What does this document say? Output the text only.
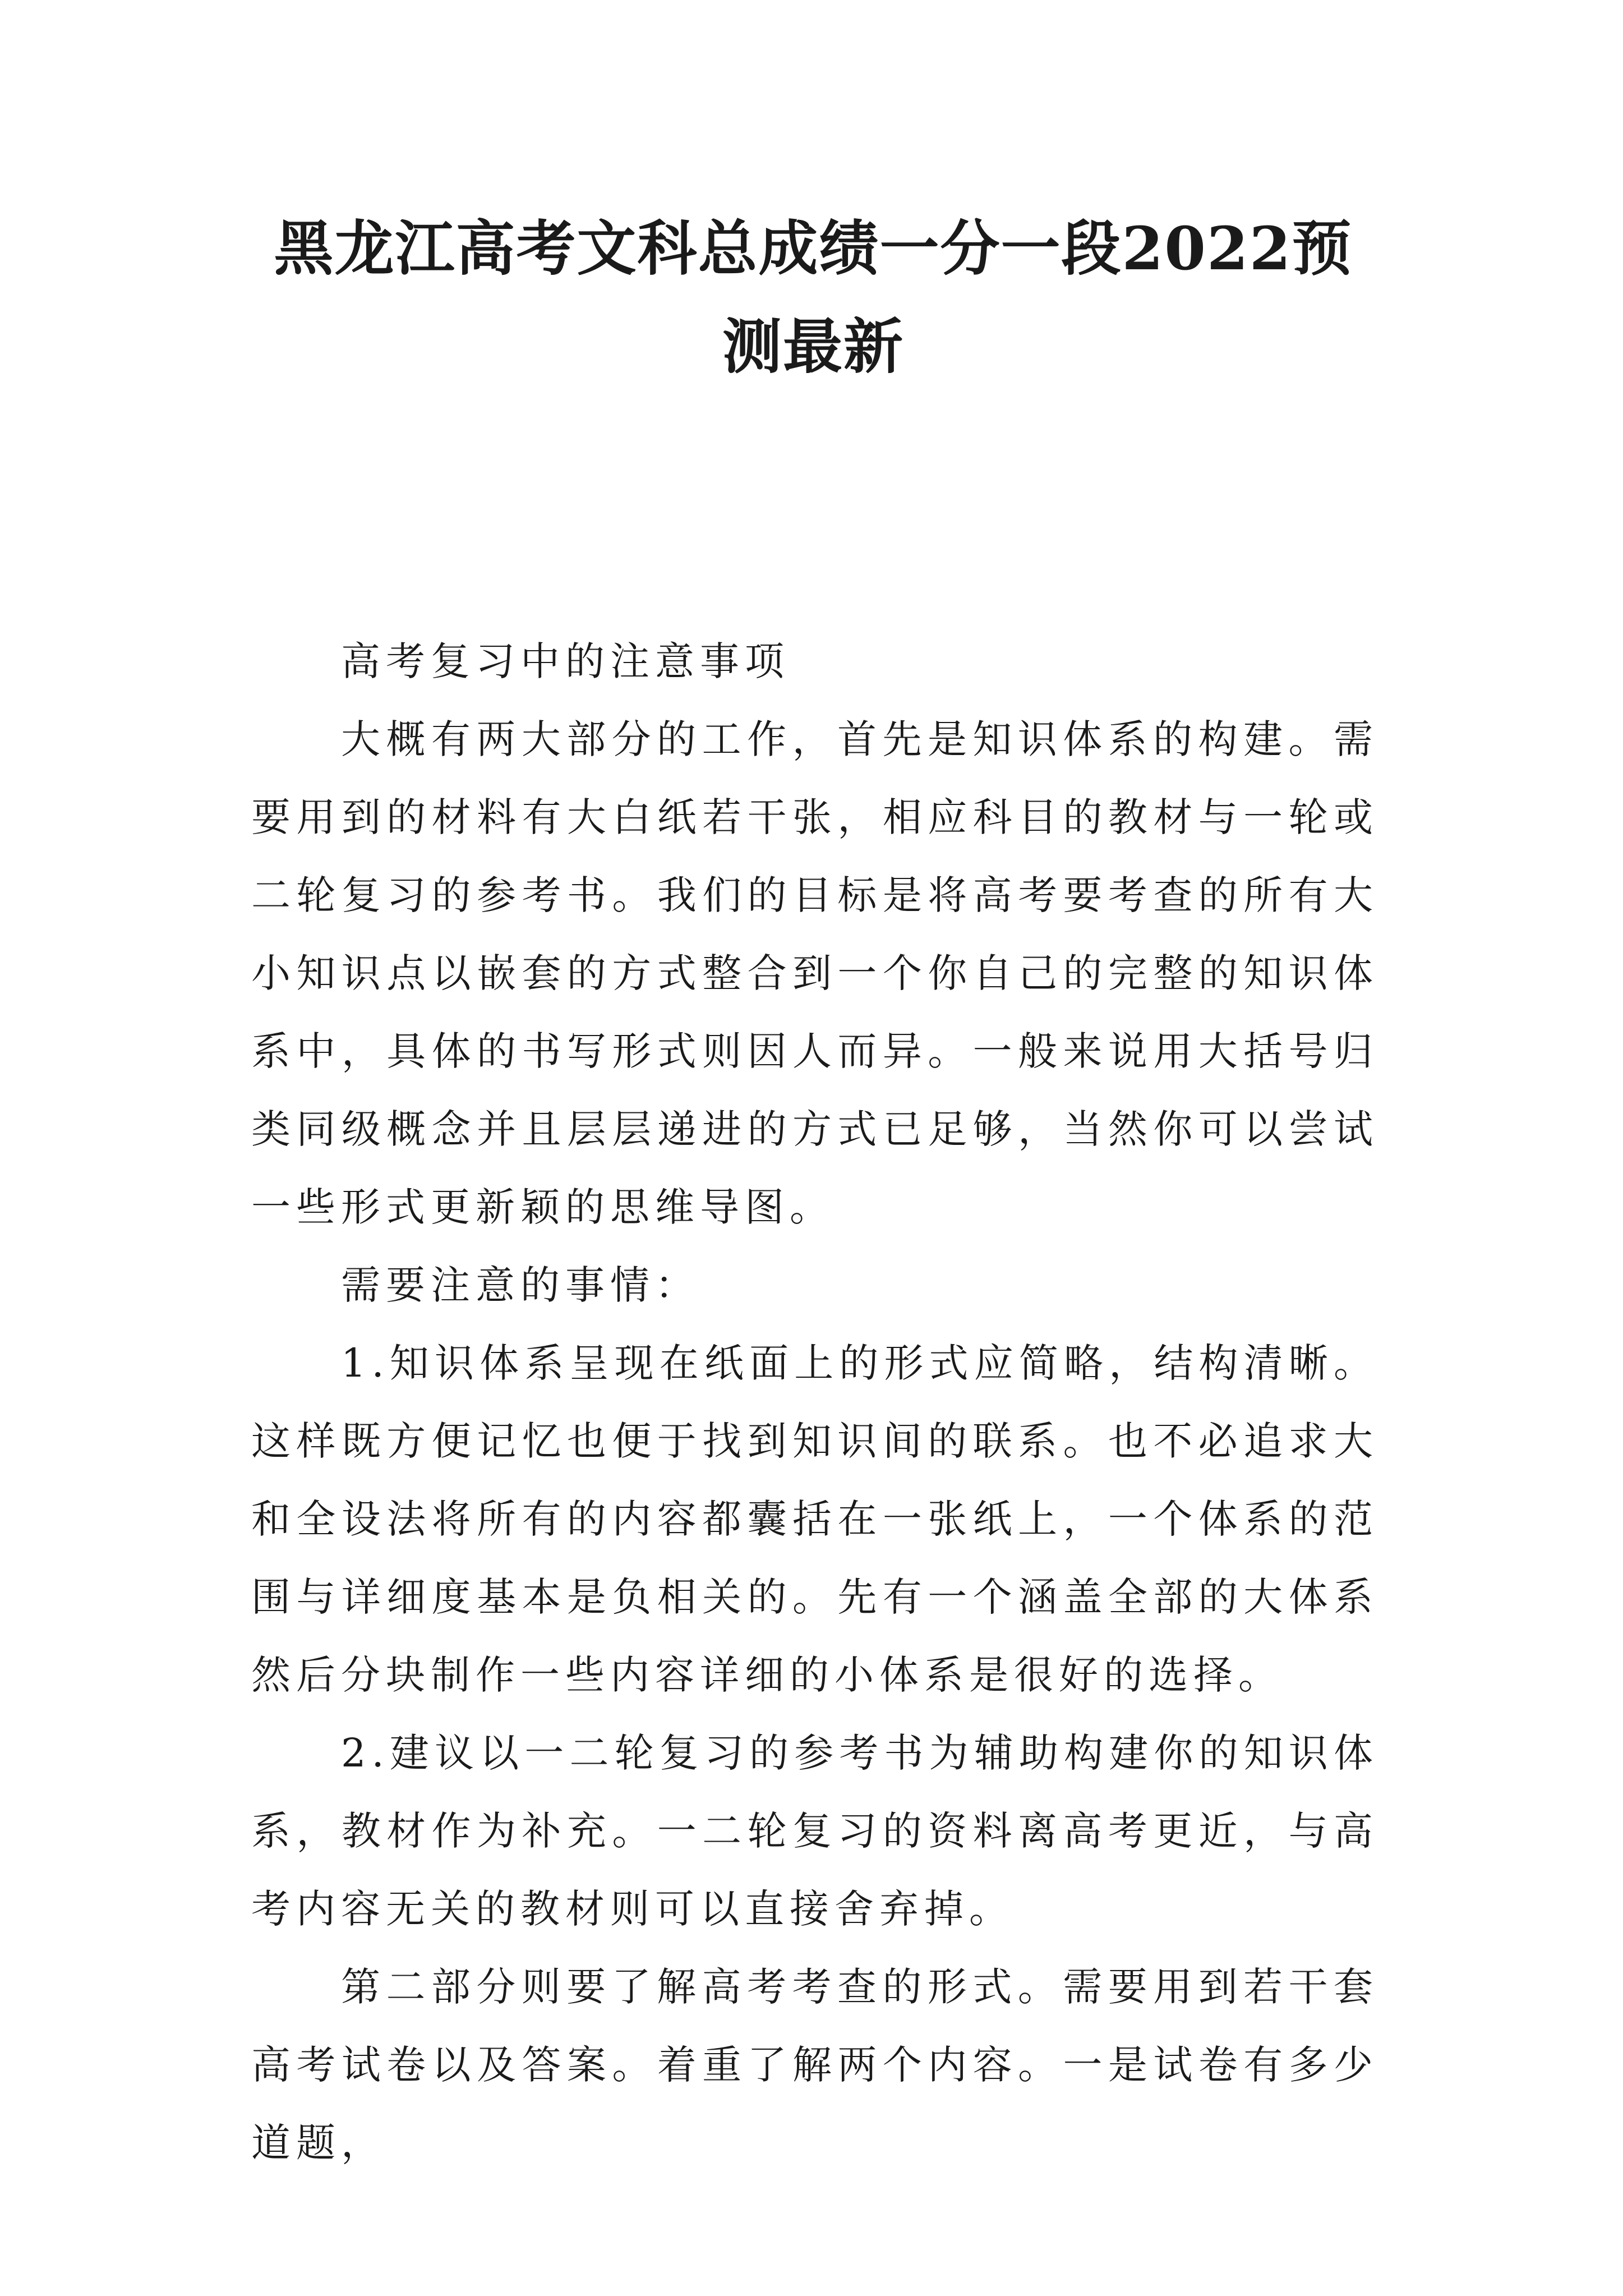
黑龙江高考文科总成绩一分一段2022预测最新

高考复习中的注意事项

大概有两大部分的工作，首先是知识体系的构建。需要用到的材料有大白纸若干张，相应科目的教材与一轮或二轮复习的参考书。我们的目标是将高考要考查的所有大小知识点以嵌套的方式整合到一个你自己的完整的知识体系中，具体的书写形式则因人而异。一般来说用大括号归类同级概念并且层层递进的方式已足够，当然你可以尝试一些形式更新颖的思维导图。

需要注意的事情：

1.知识体系呈现在纸面上的形式应简略，结构清晰。这样既方便记忆也便于找到知识间的联系。也不必追求大和全设法将所有的内容都囊括在一张纸上，一个体系的范围与详细度基本是负相关的。先有一个涵盖全部的大体系然后分块制作一些内容详细的小体系是很好的选择。

2.建议以一二轮复习的参考书为辅助构建你的知识体系，教材作为补充。一二轮复习的资料离高考更近，与高考内容无关的教材则可以直接舍弃掉。

第二部分则要了解高考考查的形式。需要用到若干套高考试卷以及答案。着重了解两个内容。一是试卷有多少道题，
